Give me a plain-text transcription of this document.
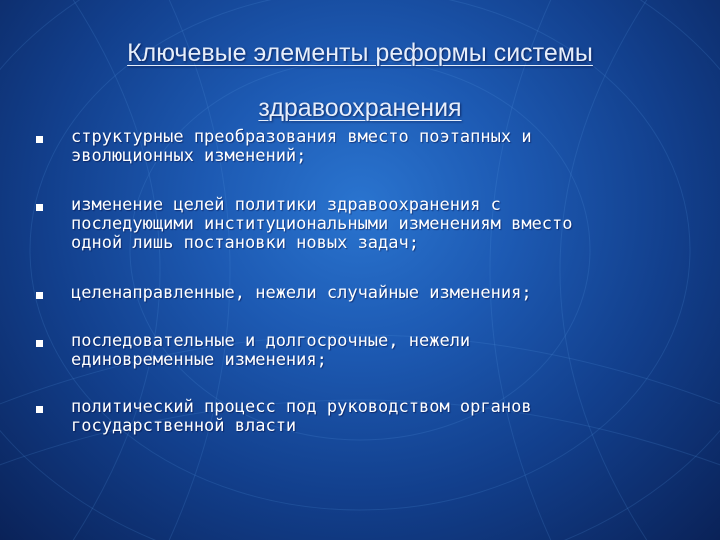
Ключевые элементы реформы системы здравоохранения
структурные преобразования вместо поэтапных и
эволюционных изменений;
изменение целей политики здравоохранения с
последующими институциональными изменениям вместо
одной лишь постановки новых задач;
целенаправленные, нежели случайные изменения;
последовательные и долгосрочные, нежели
единовременные изменения;
политический процесс под руководством органов
государственной власти
